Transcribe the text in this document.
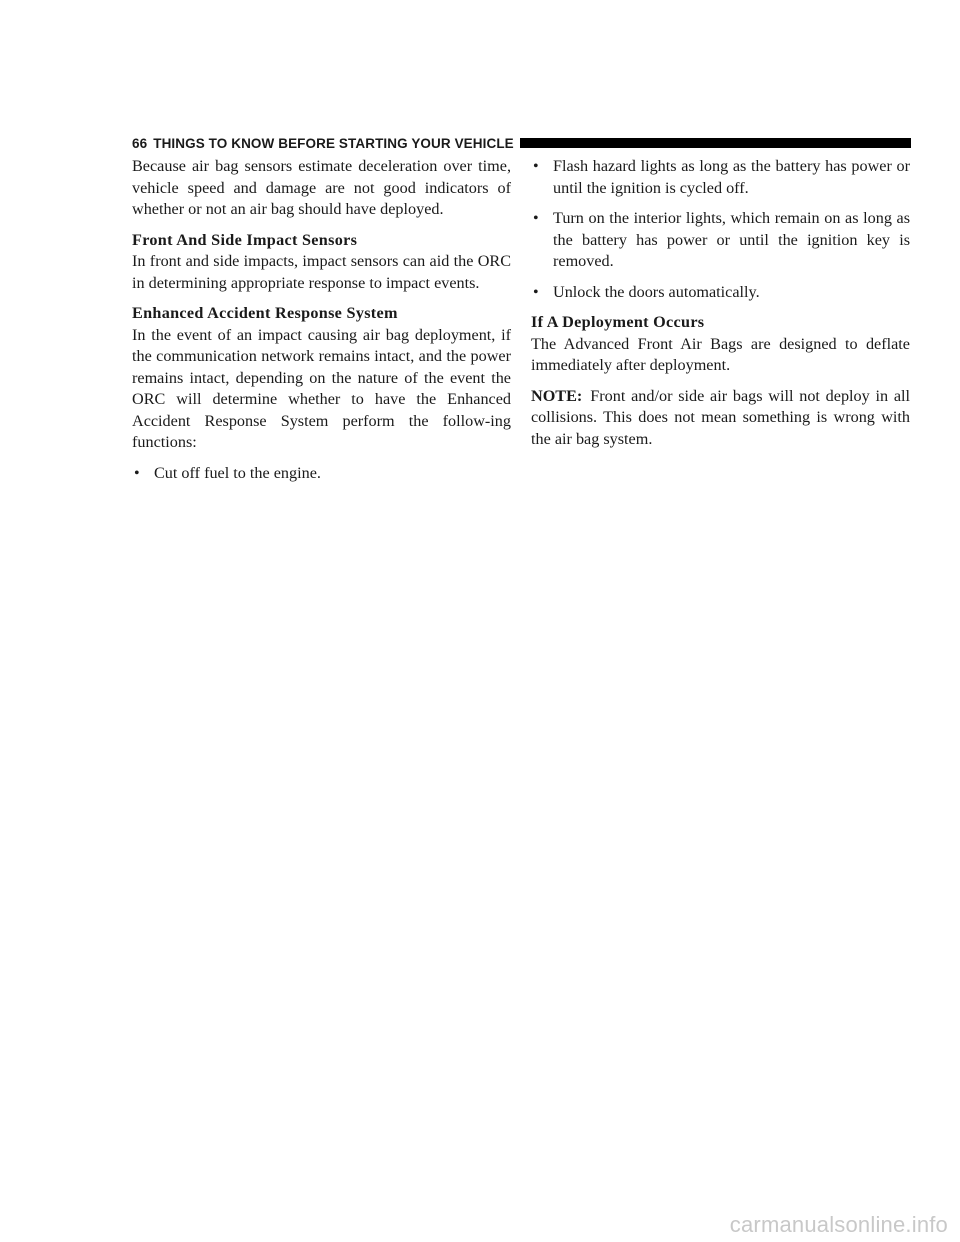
66 THINGS TO KNOW BEFORE STARTING YOUR VEHICLE

Because air bag sensors estimate deceleration over time, vehicle speed and damage are not good indicators of whether or not an air bag should have deployed.

Front And Side Impact Sensors

In front and side impacts, impact sensors can aid the ORC in determining appropriate response to impact events.

Enhanced Accident Response System

In the event of an impact causing air bag deployment, if the communication network remains intact, and the power remains intact, depending on the nature of the event the ORC will determine whether to have the Enhanced Accident Response System perform the follow-ing functions:

• Cut off fuel to the engine.
• Flash hazard lights as long as the battery has power or until the ignition is cycled off.
• Turn on the interior lights, which remain on as long as the battery has power or until the ignition key is removed.
• Unlock the doors automatically.

If A Deployment Occurs

The Advanced Front Air Bags are designed to deflate immediately after deployment.

NOTE: Front and/or side air bags will not deploy in all collisions. This does not mean something is wrong with the air bag system.

carmanualsonline.info
